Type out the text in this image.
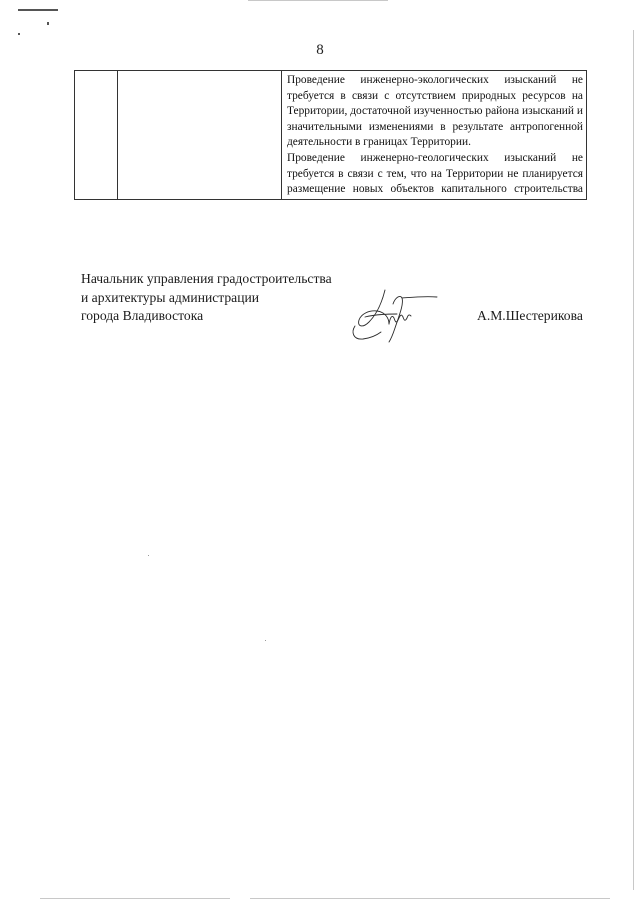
8

Проведение инженерно-экологических изысканий не требуется в связи с отсутствием природных ресурсов на Территории, достаточной изученностью района изысканий и значительными изменениями в результате антропогенной деятельности в границах Территории.

Проведение инженерно-геологических изысканий не требуется в связи с тем, что на Территории не планируется размещение новых объектов капитального строительства

Начальник управления градостроительства
и архитектуры администрации
города Владивостока	А.М.Шестерикова
